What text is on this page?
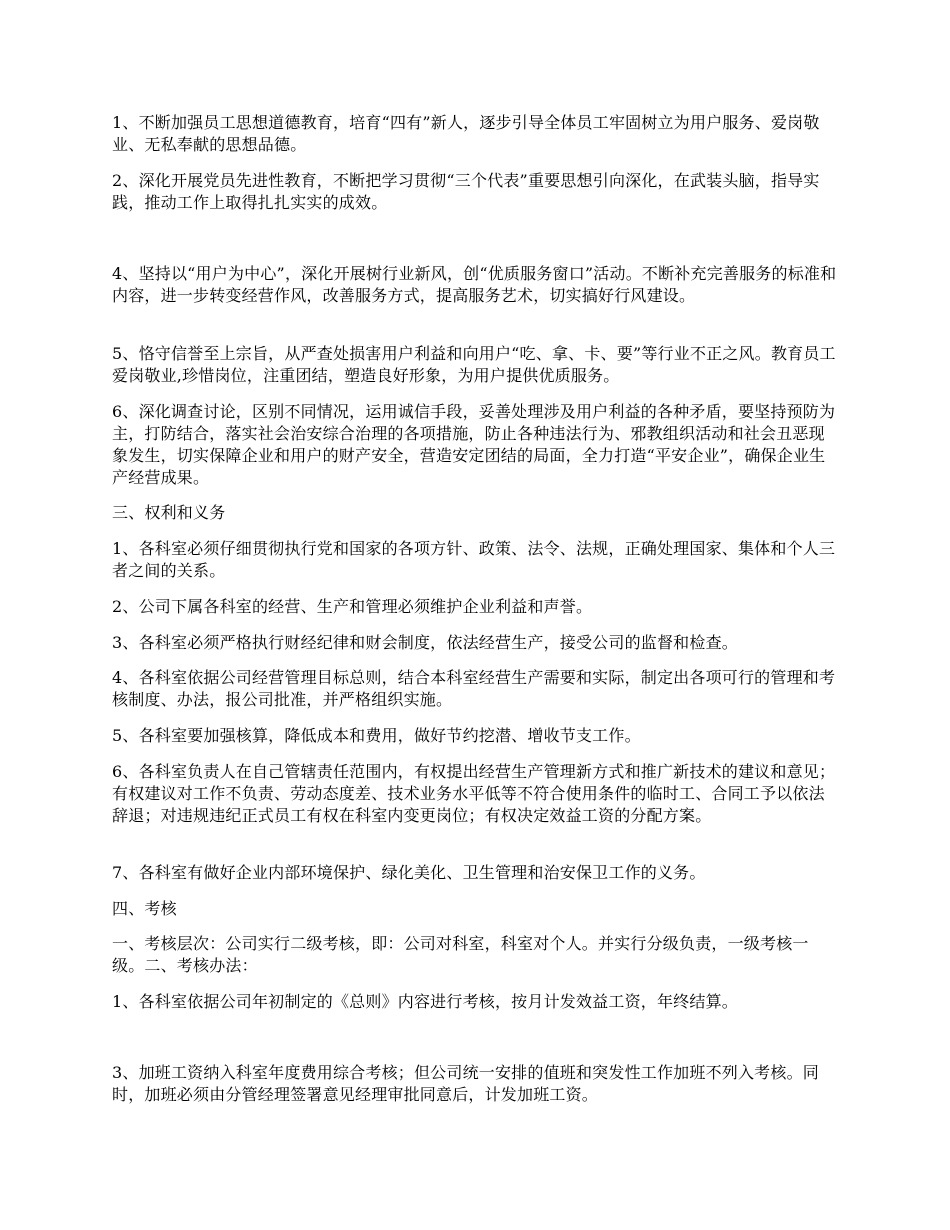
1、不断加强员工思想道德教育，培育“四有”新人，逐步引导全体员工牢固树立为用户服务、爱岗敬业、无私奉献的思想品德。

2、深化开展党员先进性教育，不断把学习贯彻“三个代表”重要思想引向深化，在武装头脑，指导实践，推动工作上取得扎扎实实的成效。

4、坚持以“用户为中心”，深化开展树行业新风，创“优质服务窗口”活动。不断补充完善服务的标准和内容，进一步转变经营作风，改善服务方式，提高服务艺术，切实搞好行风建设。

5、恪守信誉至上宗旨，从严查处损害用户利益和向用户“吃、拿、卡、要”等行业不正之风。教育员工爱岗敬业,珍惜岗位，注重团结，塑造良好形象，为用户提供优质服务。

6、深化调查讨论，区别不同情况，运用诚信手段，妥善处理涉及用户利益的各种矛盾，要坚持预防为主，打防结合，落实社会治安综合治理的各项措施，防止各种违法行为、邪教组织活动和社会丑恶现象发生，切实保障企业和用户的财产安全，营造安定团结的局面，全力打造“平安企业”，确保企业生产经营成果。

三、权利和义务

1、各科室必须仔细贯彻执行党和国家的各项方针、政策、法令、法规，正确处理国家、集体和个人三者之间的关系。

2、公司下属各科室的经营、生产和管理必须维护企业利益和声誉。

3、各科室必须严格执行财经纪律和财会制度，依法经营生产，接受公司的监督和检查。

4、各科室依据公司经营管理目标总则，结合本科室经营生产需要和实际，制定出各项可行的管理和考核制度、办法，报公司批准，并严格组织实施。

5、各科室要加强核算，降低成本和费用，做好节约挖潜、增收节支工作。

6、各科室负责人在自己管辖责任范围内，有权提出经营生产管理新方式和推广新技术的建议和意见；有权建议对工作不负责、劳动态度差、技术业务水平低等不符合使用条件的临时工、合同工予以依法辞退；对违规违纪正式员工有权在科室内变更岗位；有权决定效益工资的分配方案。

7、各科室有做好企业内部环境保护、绿化美化、卫生管理和治安保卫工作的义务。

四、考核

一、考核层次：公司实行二级考核，即：公司对科室，科室对个人。并实行分级负责，一级考核一级。二、考核办法：

1、各科室依据公司年初制定的《总则》内容进行考核，按月计发效益工资，年终结算。

3、加班工资纳入科室年度费用综合考核；但公司统一安排的值班和突发性工作加班不列入考核。同时，加班必须由分管经理签署意见经理审批同意后，计发加班工资。
